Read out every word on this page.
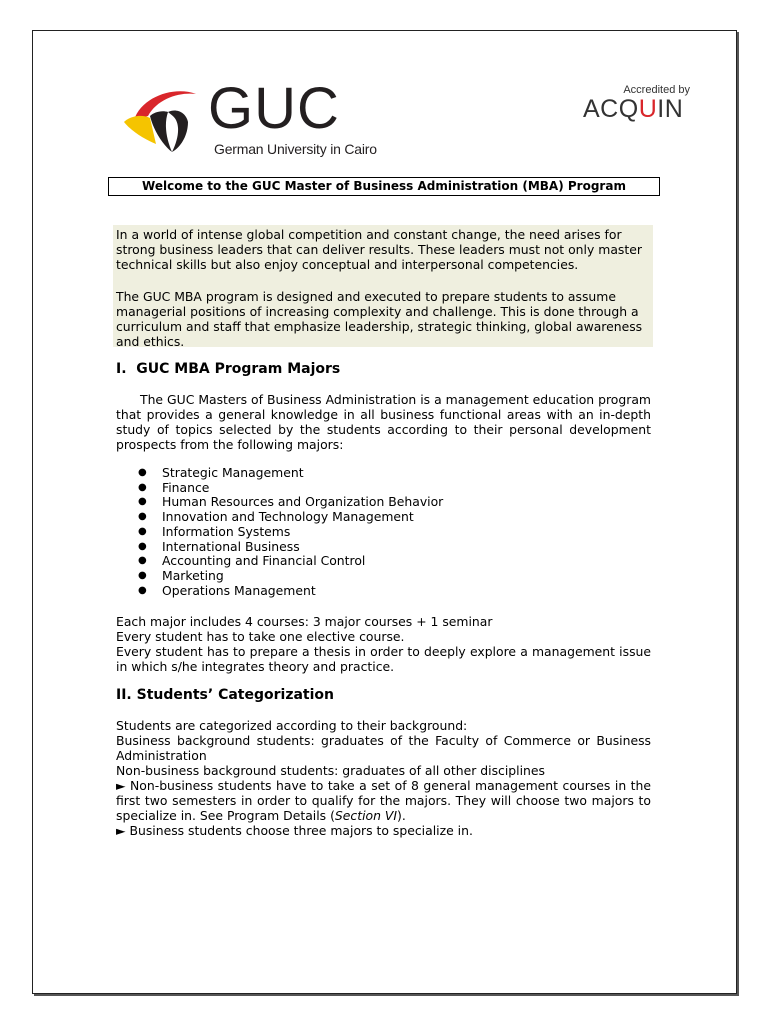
GUC
German University in Cairo
Accredited by
ACQUIN
Welcome to the GUC Master of Business Administration (MBA) Program

In a world of intense global competition and constant change, the need arises for strong business leaders that can deliver results. These leaders must not only master technical skills but also enjoy conceptual and interpersonal competencies.

The GUC MBA program is designed and executed to prepare students to assume managerial positions of increasing complexity and challenge. This is done through a curriculum and staff that emphasize leadership, strategic thinking, global awareness and ethics.

I. GUC MBA Program Majors

The GUC Masters of Business Administration is a management education program that provides a general knowledge in all business functional areas with an in-depth study of topics selected by the students according to their personal development prospects from the following majors:

● Strategic Management
● Finance
● Human Resources and Organization Behavior
● Innovation and Technology Management
● Information Systems
● International Business
● Accounting and Financial Control
● Marketing
● Operations Management
Each major includes 4 courses: 3 major courses + 1 seminar
Every student has to take one elective course.
Every student has to prepare a thesis in order to deeply explore a management issue in which s/he integrates theory and practice.
II. Students’ Categorization
Students are categorized according to their background:
Business background students: graduates of the Faculty of Commerce or Business Administration
Non-business background students: graduates of all other disciplines
► Non-business students have to take a set of 8 general management courses in the first two semesters in order to qualify for the majors. They will choose two majors to specialize in. See Program Details (Section VI).
► Business students choose three majors to specialize in.
